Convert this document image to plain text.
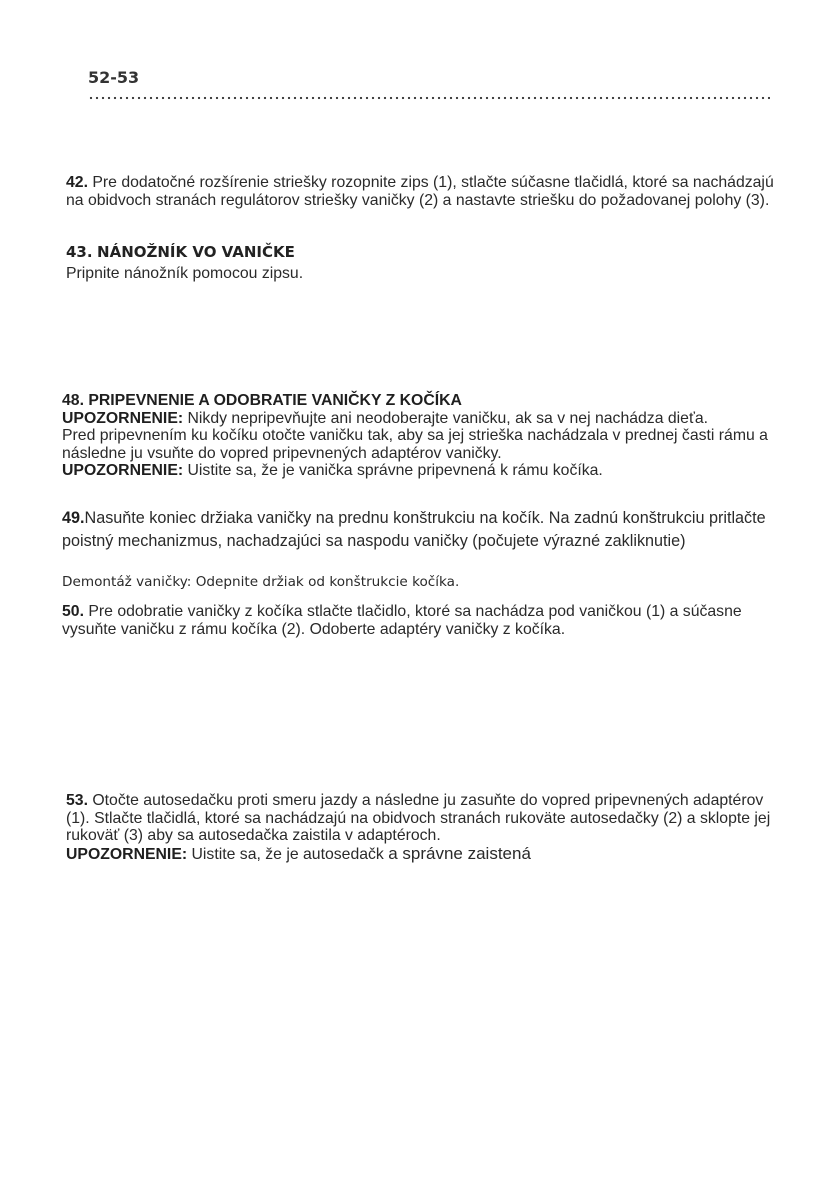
52-53
42. Pre dodatočné rozšírenie striešky rozopnite zips (1), stlačte súčasne tlačidlá, ktoré sa nachádzajú na obidvoch stranách regulátorov striešky vaničky (2) a nastavte striešku do požadovanej polohy (3).
43. NÁNOŽNÍK VO VANIČKE
Pripnite nánožník pomocou zipsu.
48. PRIPEVNENIE A ODOBRATIE VANIČKY Z KOČÍKA
UPOZORNENIE: Nikdy nepripevňujte ani neodoberajte vaničku, ak sa v nej nachádza dieťa.
Pred pripevnením ku kočíku otočte vaničku tak, aby sa jej strieška nachádzala v prednej časti rámu a následne ju vsuňte do vopred pripevnených adaptérov vaničky.
UPOZORNENIE: Uistite sa, že je vanička správne pripevnená k rámu kočíka.
49.Nasuňte koniec držiaka vaničky na prednu konštrukciu na kočík. Na zadnú konštrukciu pritlačte poistný mechanizmus, nachadzajúci sa naspodu vaničky (počujete výrazné zakliknutie)
Demontáž vaničky: Odepnite držiak od konštrukcie kočíka.
50. Pre odobratie vaničky z kočíka stlačte tlačidlo, ktoré sa nachádza pod vaničkou (1) a súčasne vysuňte vaničku z rámu kočíka (2). Odoberte adaptéry vaničky z kočíka.
53. Otočte autosedačku proti smeru jazdy a následne ju zasuňte do vopred pripevnených adaptérov (1). Stlačte tlačidlá, ktoré sa nachádzajú na obidvoch stranách rukoväte autosedačky (2) a sklopte jej rukoväť (3) aby sa autosedačka zaistila v adaptéroch.
UPOZORNENIE: Uistite sa, že je autosedačk a správne zaistená
